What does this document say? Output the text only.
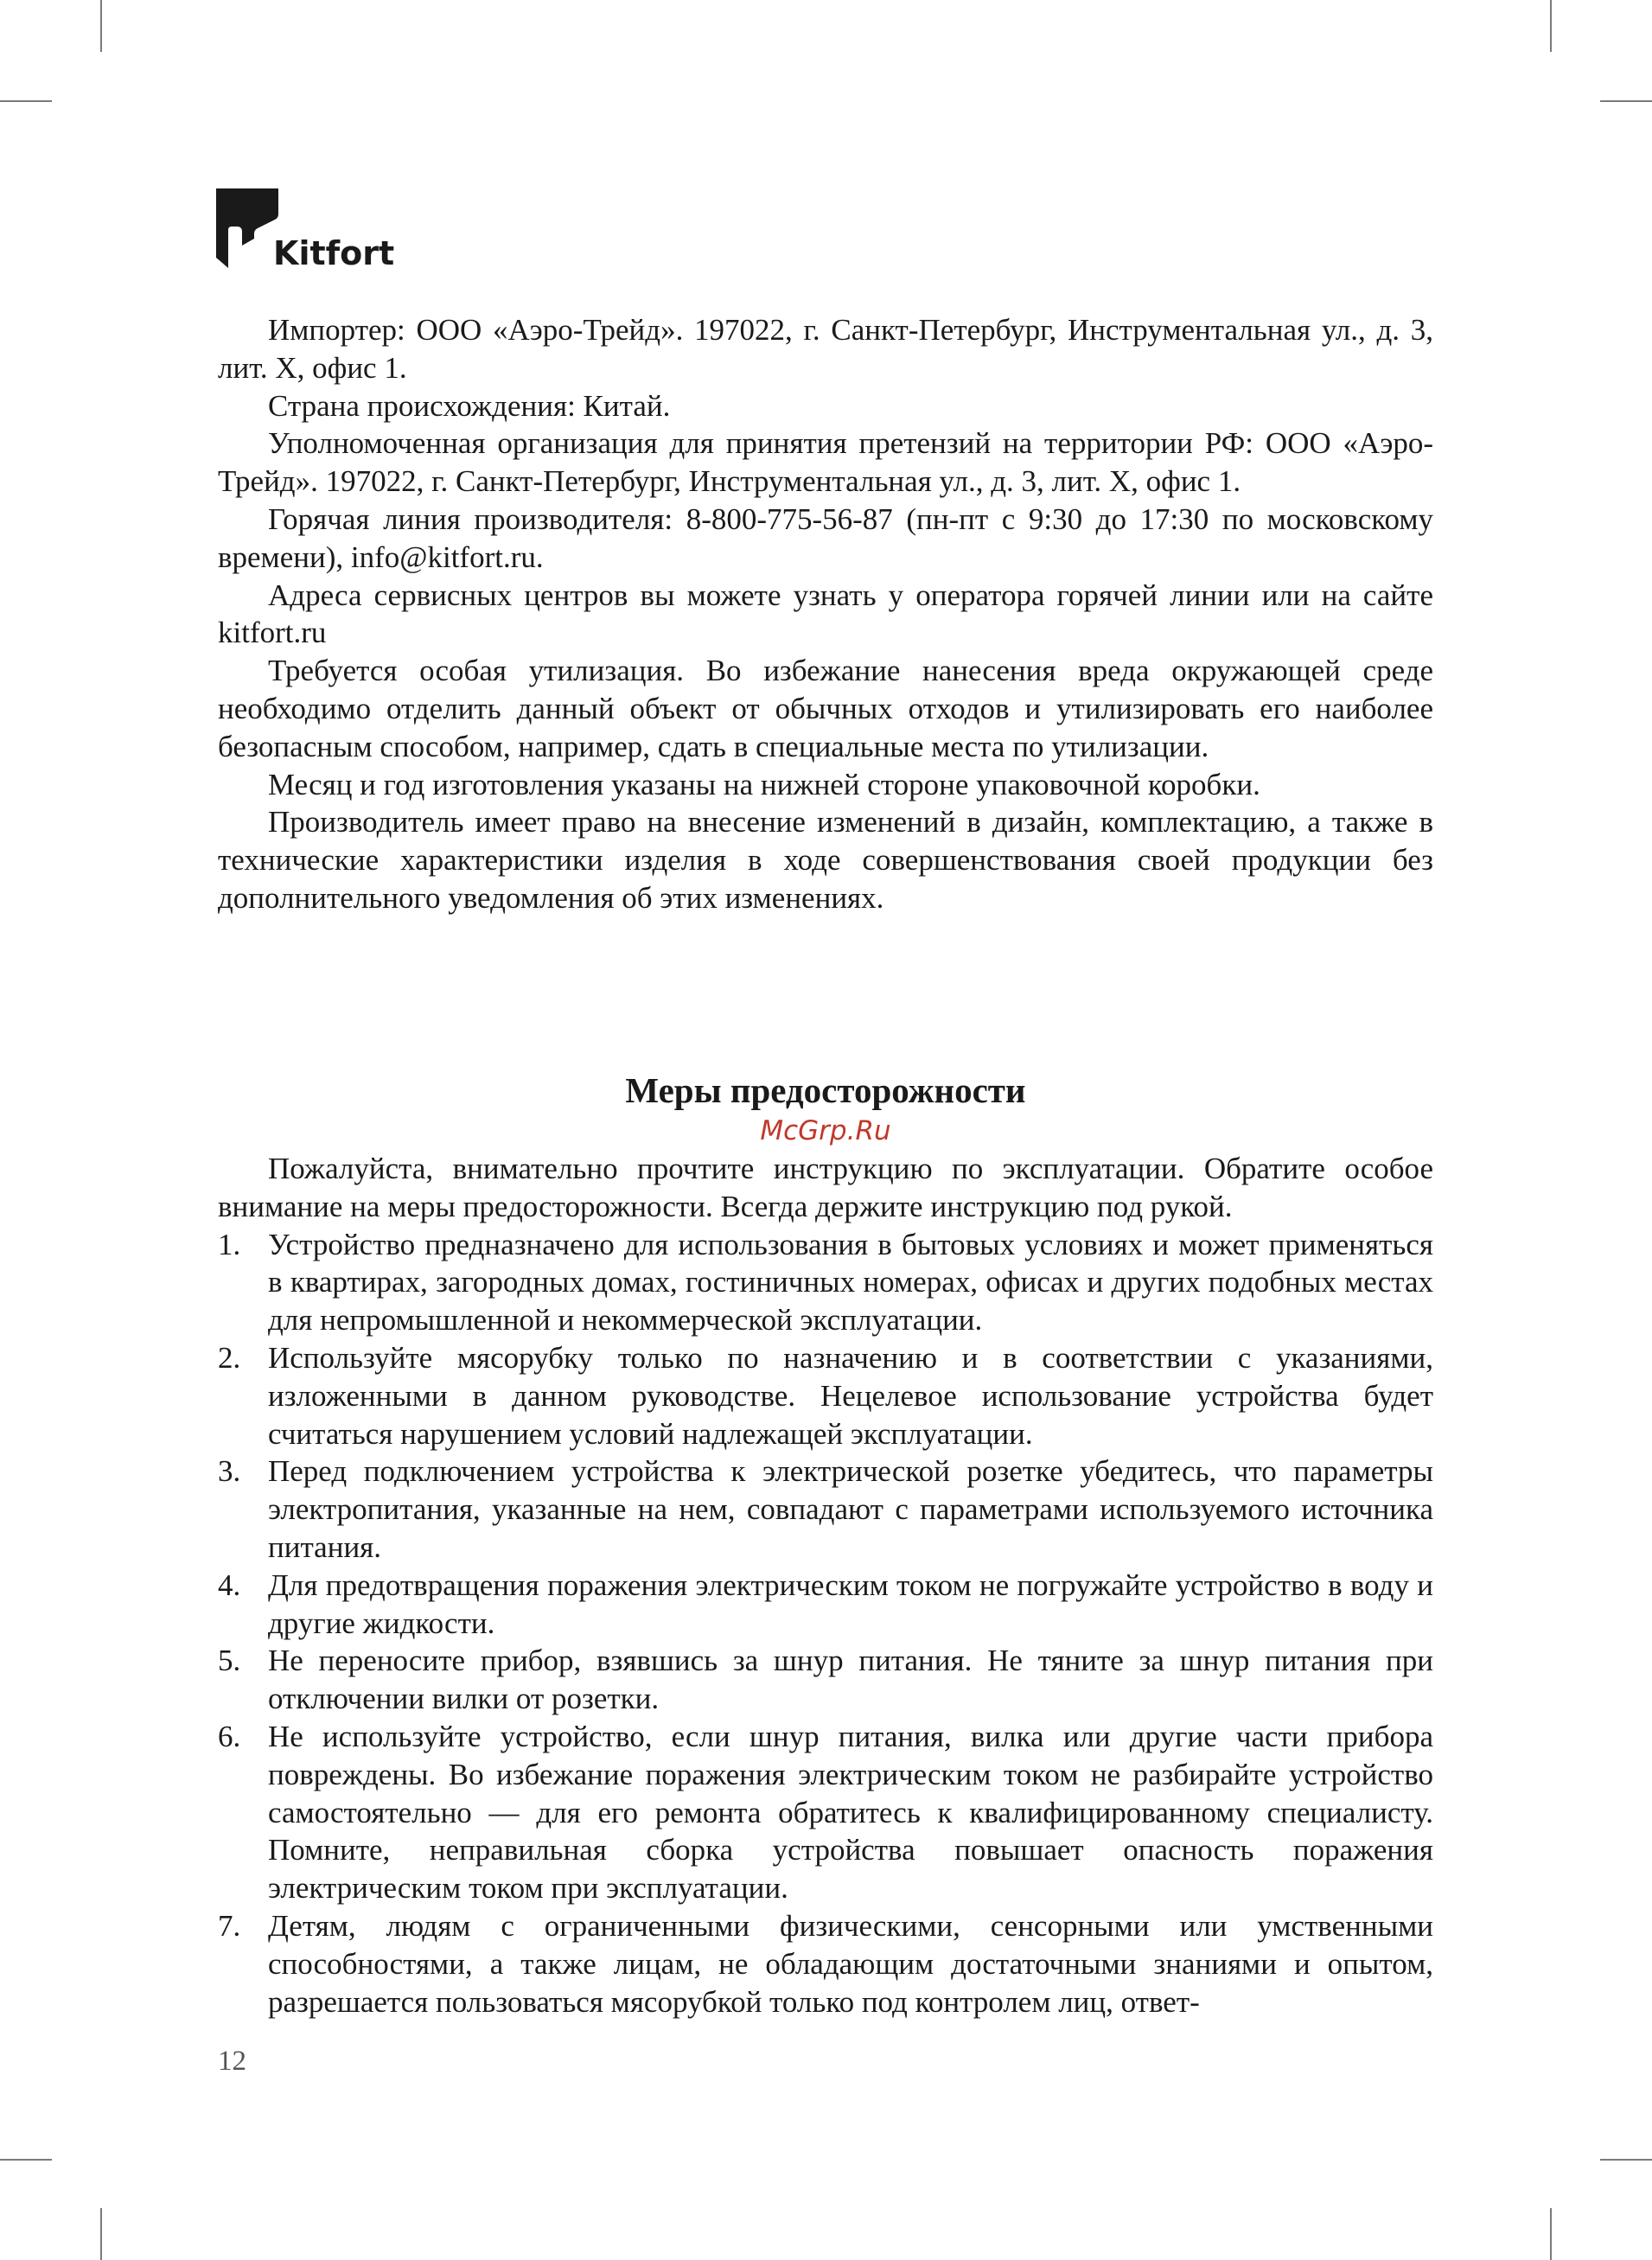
Kitfort

Импортер: ООО «Аэро-Трейд». 197022, г. Санкт-Петербург, Инструментальная ул., д. 3, лит. Х, офис 1.

Страна происхождения: Китай.

Уполномоченная организация для принятия претензий на территории РФ: ООО «Аэро-Трейд». 197022, г. Санкт-Петербург, Инструментальная ул., д. 3, лит. Х, офис 1.

Горячая линия производителя: 8-800-775-56-87 (пн-пт с 9:30 до 17:30 по московскому времени), info@kitfort.ru.

Адреса сервисных центров вы можете узнать у оператора горячей линии или на сайте kitfort.ru

Требуется особая утилизация. Во избежание нанесения вреда окружающей среде необходимо отделить данный объект от обычных отходов и утилизировать его наиболее безопасным способом, например, сдать в специальные места по утилизации.

Месяц и год изготовления указаны на нижней стороне упаковочной коробки.

Производитель имеет право на внесение изменений в дизайн, комплектацию, а также в технические характеристики изделия в ходе совершенствования своей продукции без дополнительного уведомления об этих изменениях.

Меры предосторожности
McGrp.Ru

Пожалуйста, внимательно прочтите инструкцию по эксплуатации. Обратите особое внимание на меры предосторожности. Всегда держите инструкцию под рукой.

1. Устройство предназначено для использования в бытовых условиях и может применяться в квартирах, загородных домах, гостиничных номерах, офисах и других подобных местах для непромышленной и некоммерческой эксплуатации.
2. Используйте мясорубку только по назначению и в соответствии с указаниями, изложенными в данном руководстве. Нецелевое использование устройства будет считаться нарушением условий надлежащей эксплуатации.
3. Перед подключением устройства к электрической розетке убедитесь, что параметры электропитания, указанные на нем, совпадают с параметрами используемого источника питания.
4. Для предотвращения поражения электрическим током не погружайте устройство в воду и другие жидкости.
5. Не переносите прибор, взявшись за шнур питания. Не тяните за шнур питания при отключении вилки от розетки.
6. Не используйте устройство, если шнур питания, вилка или другие части прибора повреждены. Во избежание поражения электрическим током не разбирайте устройство самостоятельно — для его ремонта обратитесь к квалифицированному специалисту. Помните, неправильная сборка устройства повышает опасность поражения электрическим током при эксплуатации.
7. Детям, людям с ограниченными физическими, сенсорными или умственными способностями, а также лицам, не обладающим достаточными знаниями и опытом, разрешается пользоваться мясорубкой только под контролем лиц, ответ-
12
